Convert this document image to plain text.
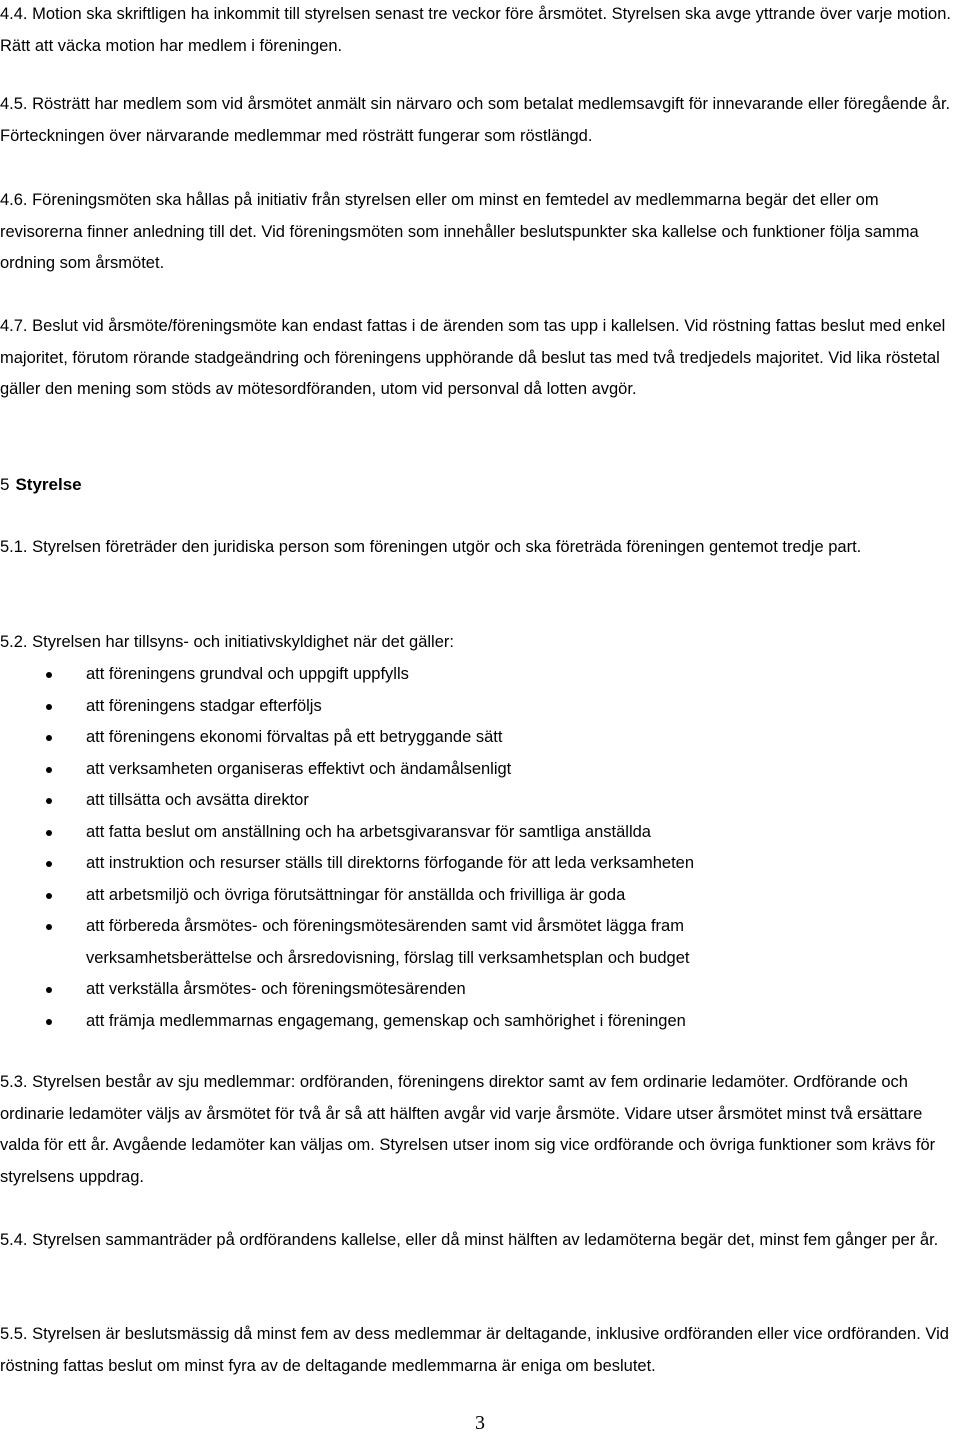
4.4. Motion ska skriftligen ha inkommit till styrelsen senast tre veckor före årsmötet. Styrelsen ska avge yttrande över varje motion. Rätt att väcka motion har medlem i föreningen.

4.5. Rösträtt har medlem som vid årsmötet anmält sin närvaro och som betalat medlemsavgift för innevarande eller föregående år. Förteckningen över närvarande medlemmar med rösträtt fungerar som röstlängd.

4.6. Föreningsmöten ska hållas på initiativ från styrelsen eller om minst en femtedel av medlemmarna begär det eller om revisorerna finner anledning till det. Vid föreningsmöten som innehåller beslutspunkter ska kallelse och funktioner följa samma ordning som årsmötet.

4.7. Beslut vid årsmöte/föreningsmöte kan endast fattas i de ärenden som tas upp i kallelsen. Vid röstning fattas beslut med enkel majoritet, förutom rörande stadgeändring och föreningens upphörande då beslut tas med två tredjedels majoritet. Vid lika röstetal gäller den mening som stöds av mötesordföranden, utom vid personval då lotten avgör.

5 Styrelse

5.1. Styrelsen företräder den juridiska person som föreningen utgör och ska företräda föreningen gentemot tredje part.

5.2. Styrelsen har tillsyns- och initiativskyldighet när det gäller:

att föreningens grundval och uppgift uppfylls
att föreningens stadgar efterföljs
att föreningens ekonomi förvaltas på ett betryggande sätt
att verksamheten organiseras effektivt och ändamålsenligt
att tillsätta och avsätta direktor
att fatta beslut om anställning och ha arbetsgivaransvar för samtliga anställda
att instruktion och resurser ställs till direktorns förfogande för att leda verksamheten
att arbetsmiljö och övriga förutsättningar för anställda och frivilliga är goda
att förbereda årsmötes- och föreningsmötesärenden samt vid årsmötet lägga fram verksamhetsberättelse och årsredovisning, förslag till verksamhetsplan och budget
att verkställa årsmötes- och föreningsmötesärenden
att främja medlemmarnas engagemang, gemenskap och samhörighet i föreningen

5.3. Styrelsen består av sju medlemmar: ordföranden, föreningens direktor samt av fem ordinarie ledamöter. Ordförande och ordinarie ledamöter väljs av årsmötet för två år så att hälften avgår vid varje årsmöte. Vidare utser årsmötet minst två ersättare valda för ett år. Avgående ledamöter kan väljas om. Styrelsen utser inom sig vice ordförande och övriga funktioner som krävs för styrelsens uppdrag.

5.4. Styrelsen sammanträder på ordförandens kallelse, eller då minst hälften av ledamöterna begär det, minst fem gånger per år.

5.5. Styrelsen är beslutsmässig då minst fem av dess medlemmar är deltagande, inklusive ordföranden eller vice ordföranden. Vid röstning fattas beslut om minst fyra av de deltagande medlemmarna är eniga om beslutet.

3
